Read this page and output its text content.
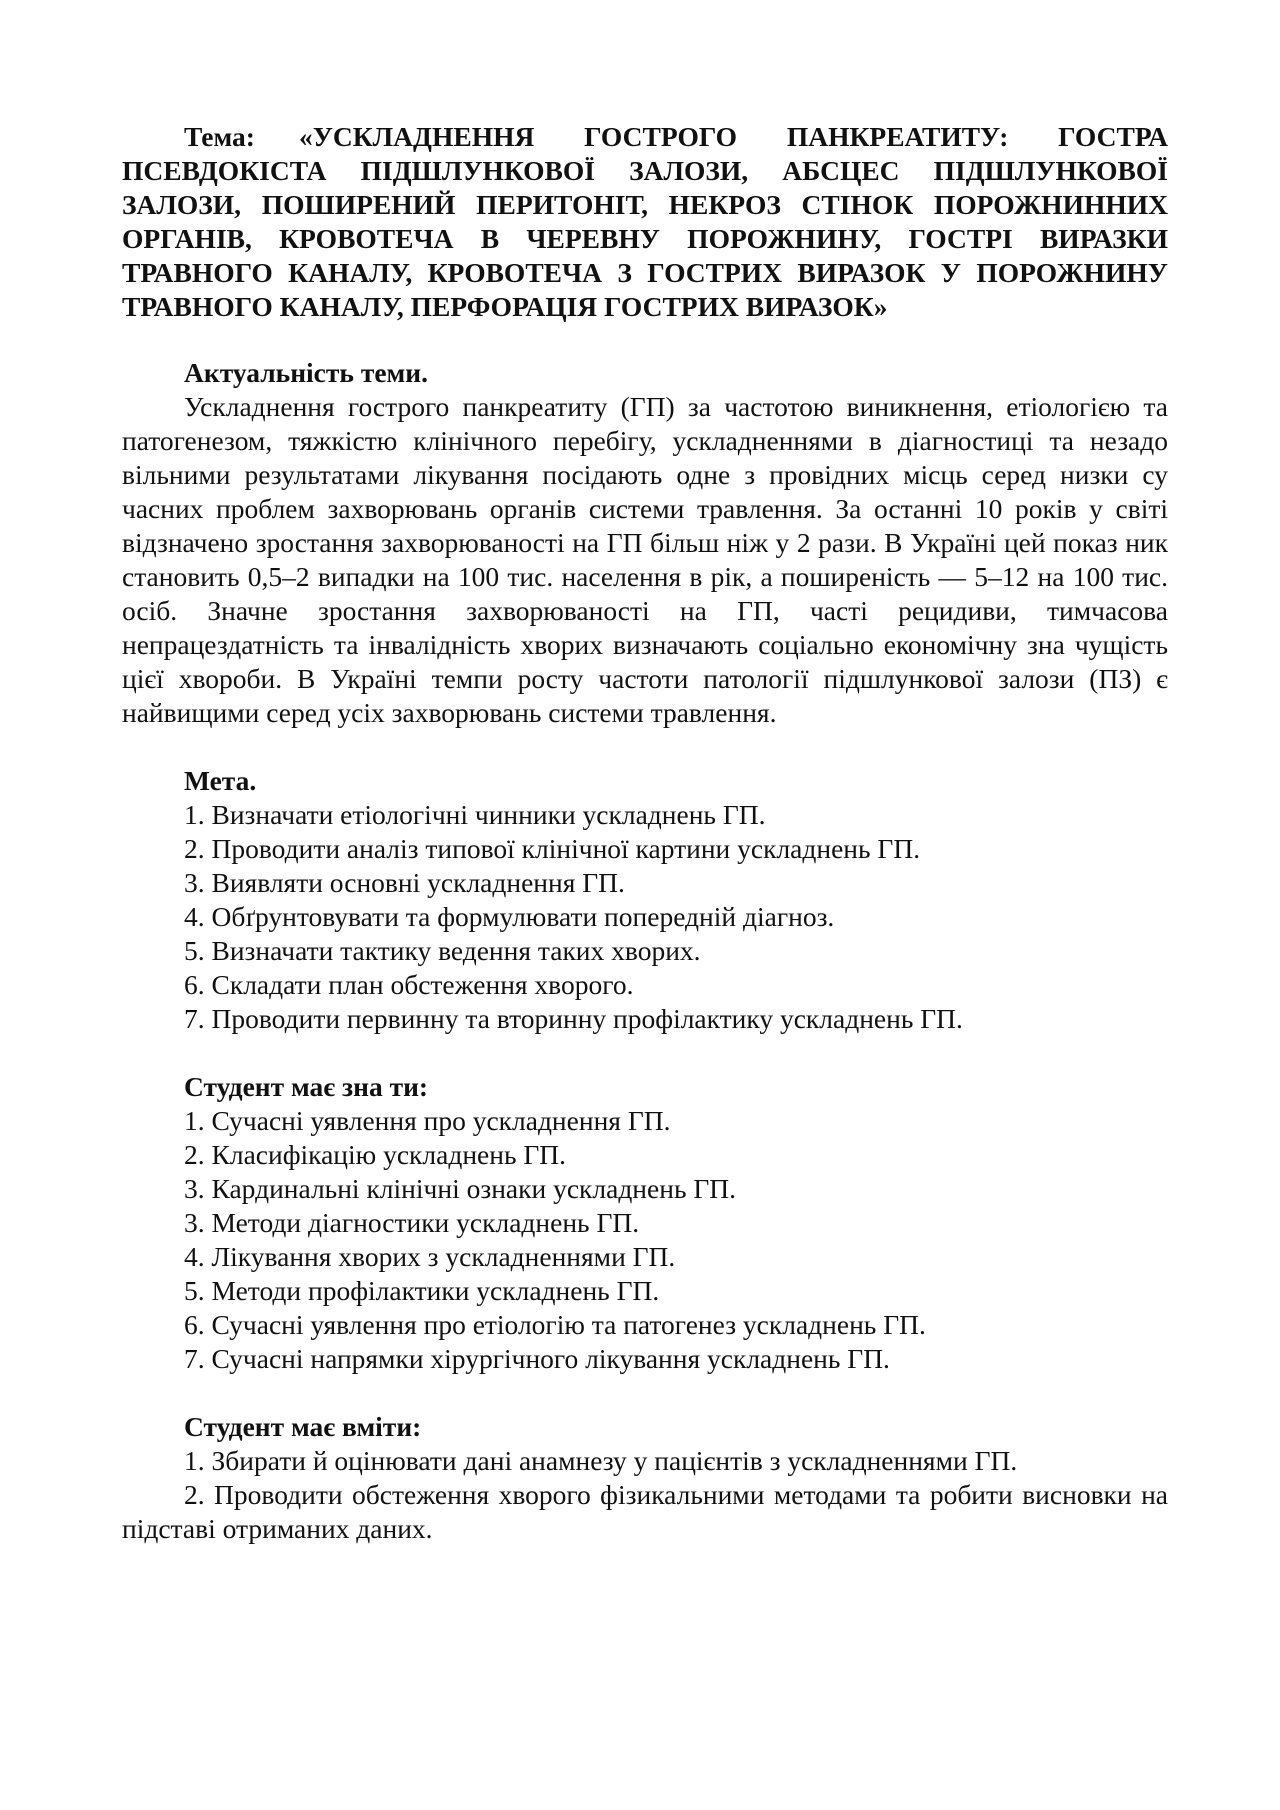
Тема: «УСКЛАДНЕННЯ ГОСТРОГО ПАНКРЕАТИТУ: ГОСТРА ПСЕВДОКІСТА ПІДШЛУНКОВОЇ ЗАЛОЗИ, АБСЦЕС ПІДШЛУНКОВОЇ ЗАЛОЗИ, ПОШИРЕНИЙ ПЕРИТОНІТ, НЕКРОЗ СТІНОК ПОРОЖНИННИХ ОРГАНІВ, КРОВОТЕЧА В ЧЕРЕВНУ ПОРОЖНИНУ, ГОСТРІ ВИРАЗКИ ТРАВНОГО КАНАЛУ, КРОВОТЕЧА З ГОСТРИХ ВИРАЗОК У ПОРОЖНИНУ ТРАВНОГО КАНАЛУ, ПЕРФОРАЦІЯ ГОСТРИХ ВИРАЗОК»

Актуальність теми.

Ускладнення гострого панкреатиту (ГП) за частотою виникнення, етіологією та патогенезом, тяжкістю клінічного перебігу, ускладненнями в діагностиці та незадо вільними результатами лікування посідають одне з провідних місць серед низки су часних проблем захворювань органів системи травлення. За останні 10 років у світі відзначено зростання захворюваності на ГП більш ніж у 2 рази. В Україні цей показ ник становить 0,5–2 випадки на 100 тис. населення в рік, а поширеність — 5–12 на 100 тис. осіб. Значне зростання захворюваності на ГП, часті рецидиви, тимчасова непрацездатність та інвалідність хворих визначають соціально економічну зна чущість цієї хвороби. В Україні темпи росту частоти патології підшлункової залози (ПЗ) є найвищими серед усіх захворювань системи травлення.

Мета.

1. Визначати етіологічні чинники ускладнень ГП.
2. Проводити аналіз типової клінічної картини ускладнень ГП.
3. Виявляти основні ускладнення ГП.
4. Обґрунтовувати та формулювати попередній діагноз.
5. Визначати тактику ведення таких хворих.
6. Складати план обстеження хворого.
7. Проводити первинну та вторинну профілактику ускладнень ГП.

Студент має зна ти:

1. Сучасні уявлення про ускладнення ГП.
2. Класифікацію ускладнень ГП.
3. Кардинальні клінічні ознаки ускладнень ГП.
3. Методи діагностики ускладнень ГП.
4. Лікування хворих з ускладненнями ГП.
5. Методи профілактики ускладнень ГП.
6. Сучасні уявлення про етіологію та патогенез ускладнень ГП.
7. Сучасні напрямки хірургічного лікування ускладнень ГП.

Студент має вміти:

1. Збирати й оцінювати дані анамнезу у пацієнтів з ускладненнями ГП.
2. Проводити обстеження хворого фізикальними методами та робити висновки на підставі отриманих даних.
